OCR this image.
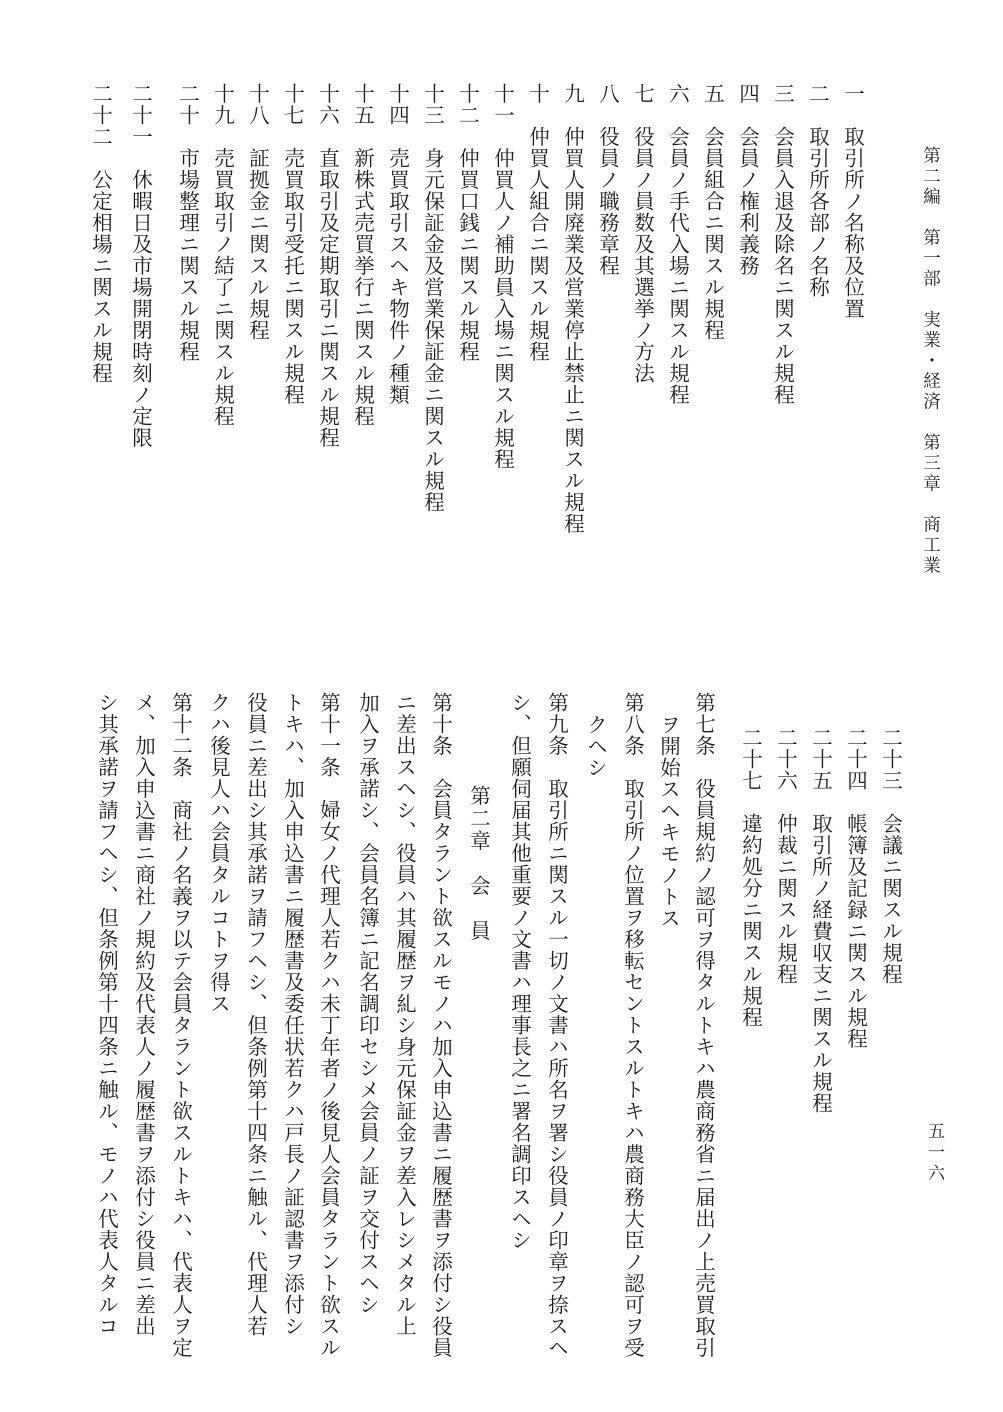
第二編　第一部　実業・経済　第三章　商工業
五一六
一　取引所ノ名称及位置
二　取引所各部ノ名称
三　会員入退及除名ニ関スル規程
四　会員ノ権利義務
五　会員組合ニ関スル規程
六　会員ノ手代入場ニ関スル規程
七　役員ノ員数及其選挙ノ方法
八　役員ノ職務章程
九　仲買人開廃業及営業停止禁止ニ関スル規程
十　仲買人組合ニ関スル規程
十一　仲買人ノ補助員入場ニ関スル規程
十二　仲買口銭ニ関スル規程
十三　身元保証金及営業保証金ニ関スル規程
十四　売買取引スヘキ物件ノ種類
十五　新株式売買挙行ニ関スル規程
十六　直取引及定期取引ニ関スル規程
十七　売買取引受托ニ関スル規程
十八　証拠金ニ関スル規程
十九　売買取引ノ結了ニ関スル規程
二十　市場整理ニ関スル規程
二十一　休暇日及市場開閉時刻ノ定限
二十二　公定相場ニ関スル規程
二十三　会議ニ関スル規程
二十四　帳簿及記録ニ関スル規程
二十五　取引所ノ経費収支ニ関スル規程
二十六　仲裁ニ関スル規程
二十七　違約処分ニ関スル規程
第七条　役員規約ノ認可ヲ得タルトキハ農商務省ニ届出ノ上売買取引
ヲ開始スヘキモノトス
第八条　取引所ノ位置ヲ移転セントスルトキハ農商務大臣ノ認可ヲ受
クヘシ
第九条　取引所ニ関スル一切ノ文書ハ所名ヲ署シ役員ノ印章ヲ捺スヘ
シ、但願伺届其他重要ノ文書ハ理事長之ニ署名調印スヘシ
第二章　会　員
第十条　会員タラント欲スルモノハ加入申込書ニ履歴書ヲ添付シ役員
ニ差出スヘシ、役員ハ其履歴ヲ糺シ身元保証金ヲ差入レシメタル上
加入ヲ承諾シ、会員名簿ニ記名調印セシメ会員ノ証ヲ交付スヘシ
第十一条　婦女ノ代理人若クハ未丁年者ノ後見人会員タラント欲スル
トキハ、加入申込書ニ履歴書及委任状若クハ戸長ノ証認書ヲ添付シ
役員ニ差出シ其承諾ヲ請フヘシ、但条例第十四条ニ触ル、代理人若
クハ後見人ハ会員タルコトヲ得ス
第十二条　商社ノ名義ヲ以テ会員タラント欲スルトキハ、代表人ヲ定
メ、加入申込書ニ商社ノ規約及代表人ノ履歴書ヲ添付シ役員ニ差出
シ其承諾ヲ請フヘシ、但条例第十四条ニ触ル、モノハ代表人タルコ
